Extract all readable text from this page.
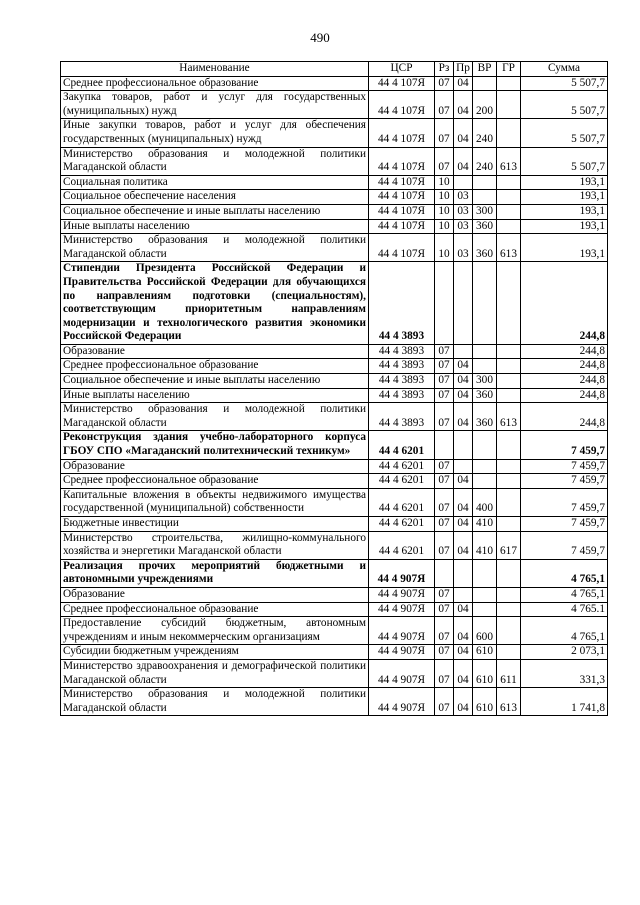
490
Наименование	ЦСР	Рз	Пр	ВР	ГР	Сумма
Среднее профессиональное образование	44 4 107Я	07	04			5 507,7
Закупка товаров, работ и услуг для государственных (муниципальных) нужд	44 4 107Я	07	04	200		5 507,7
Иные закупки товаров, работ и услуг для обеспечения государственных (муниципальных) нужд	44 4 107Я	07	04	240		5 507,7
Министерство образования и молодежной политики Магаданской области	44 4 107Я	07	04	240	613	5 507,7
Социальная политика	44 4 107Я	10				193,1
Социальное обеспечение населения	44 4 107Я	10	03			193,1
Социальное обеспечение и иные выплаты населению	44 4 107Я	10	03	300		193,1
Иные выплаты населению	44 4 107Я	10	03	360		193,1
Министерство образования и молодежной политики Магаданской области	44 4 107Я	10	03	360	613	193,1
Стипендии Президента Российской Федерации и Правительства Российской Федерации для обучающихся по направлениям подготовки (специальностям), соответствующим приоритетным направлениям модернизации и технологического развития экономики Российской Федерации	44 4 3893					244,8
Образование	44 4 3893	07				244,8
Среднее профессиональное образование	44 4 3893	07	04			244,8
Социальное обеспечение и иные выплаты населению	44 4 3893	07	04	300		244,8
Иные выплаты населению	44 4 3893	07	04	360		244,8
Министерство образования и молодежной политики Магаданской области	44 4 3893	07	04	360	613	244,8
Реконструкция здания учебно-лабораторного корпуса ГБОУ СПО «Магаданский политехнический техникум»	44 4 6201					7 459,7
Образование	44 4 6201	07				7 459,7
Среднее профессиональное образование	44 4 6201	07	04			7 459,7
Капитальные вложения в объекты недвижимого имущества государственной (муниципальной) собственности	44 4 6201	07	04	400		7 459,7
Бюджетные инвестиции	44 4 6201	07	04	410		7 459,7
Министерство строительства, жилищно-коммунального хозяйства и энергетики Магаданской области	44 4 6201	07	04	410	617	7 459,7
Реализация прочих мероприятий бюджетными и автономными учреждениями	44 4 907Я					4 765,1
Образование	44 4 907Я	07				4 765,1
Среднее профессиональное образование	44 4 907Я	07	04			4 765.1
Предоставление субсидий бюджетным, автономным учреждениям и иным некоммерческим организациям	44 4 907Я	07	04	600		4 765,1
Субсидии бюджетным учреждениям	44 4 907Я	07	04	610		2 073,1
Министерство здравоохранения и демографической политики Магаданской области	44 4 907Я	07	04	610	611	331,3
Министерство образования и молодежной политики Магаданской области	44 4 907Я	07	04	610	613	1 741,8
